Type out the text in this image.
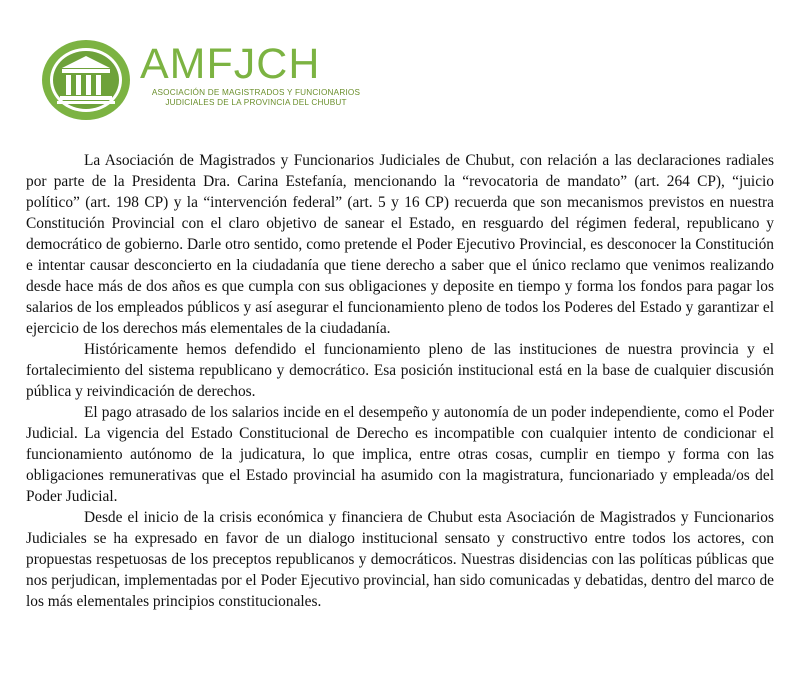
AMFJCH
ASOCIACIÓN DE MAGISTRADOS Y FUNCIONARIOS
JUDICIALES DE LA PROVINCIA DEL CHUBUT

La Asociación de Magistrados y Funcionarios Judiciales de Chubut, con relación a las declaraciones radiales por parte de la Presidenta Dra. Carina Estefanía, mencionando la “revocatoria de mandato” (art. 264 CP), “juicio político” (art. 198 CP) y la “intervención federal” (art. 5 y 16 CP) recuerda que son mecanismos previstos en nuestra Constitución Provincial con el claro objetivo de sanear el Estado, en resguardo del régimen federal, republicano y democrático de gobierno. Darle otro sentido, como pretende el Poder Ejecutivo Provincial, es desconocer la Constitución e intentar causar desconcierto en la ciudadanía que tiene derecho a saber que el único reclamo que venimos realizando desde hace más de dos años es que cumpla con sus obligaciones y deposite en tiempo y forma los fondos para pagar los salarios de los empleados públicos y así asegurar el funcionamiento pleno de todos los Poderes del Estado y garantizar el ejercicio de los derechos más elementales de la ciudadanía.

Históricamente hemos defendido el funcionamiento pleno de las instituciones de nuestra provincia y el fortalecimiento del sistema republicano y democrático. Esa posición institucional está en la base de cualquier discusión pública y reivindicación de derechos.

El pago atrasado de los salarios incide en el desempeño y autonomía de un poder independiente, como el Poder Judicial. La vigencia del Estado Constitucional de Derecho es incompatible con cualquier intento de condicionar el funcionamiento autónomo de la judicatura, lo que implica, entre otras cosas, cumplir en tiempo y forma con las obligaciones remunerativas que el Estado provincial ha asumido con la magistratura, funcionariado y empleada/os del Poder Judicial.

Desde el inicio de la crisis económica y financiera de Chubut esta Asociación de Magistrados y Funcionarios Judiciales se ha expresado en favor de un dialogo institucional sensato y constructivo entre todos los actores, con propuestas respetuosas de los preceptos republicanos y democráticos. Nuestras disidencias con las políticas públicas que nos perjudican, implementadas por el Poder Ejecutivo provincial, han sido comunicadas y debatidas, dentro del marco de los más elementales principios constitucionales.
